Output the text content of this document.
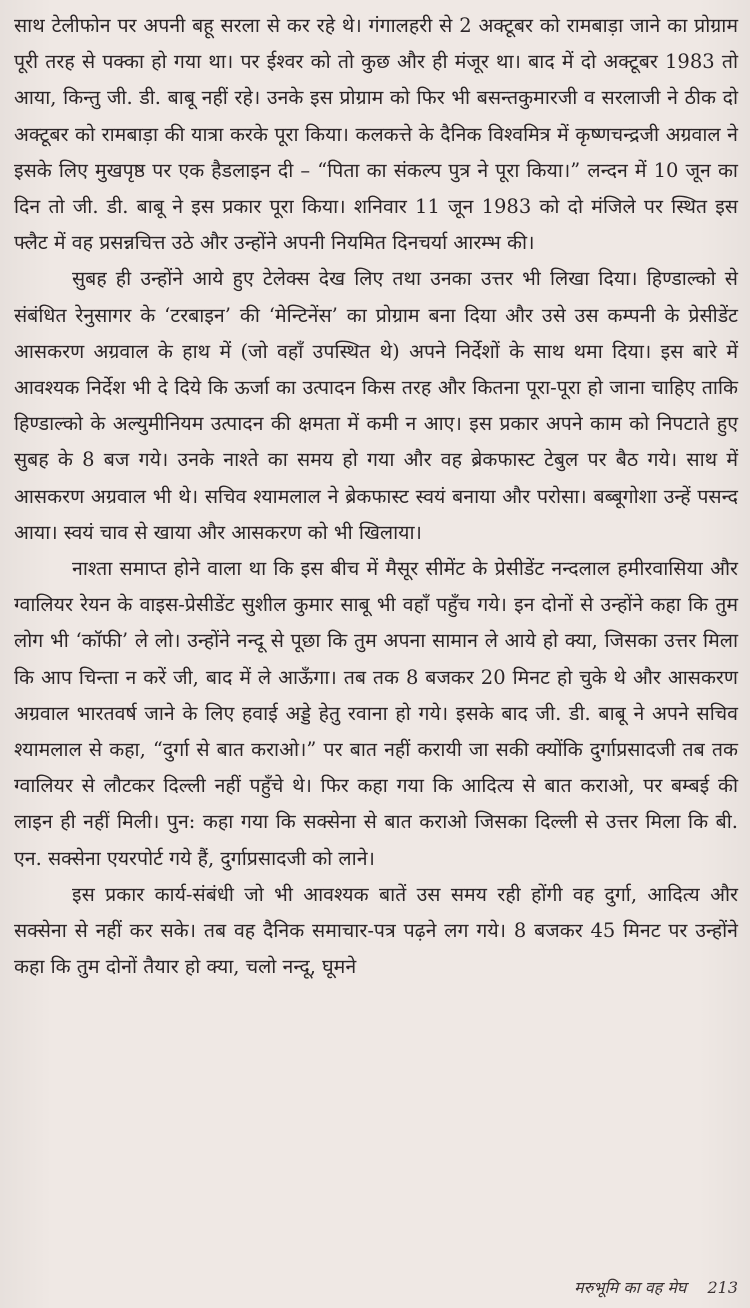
साथ टेलीफोन पर अपनी बहू सरला से कर रहे थे। गंगालहरी से 2 अक्टूबर को रामबाड़ा जाने का प्रोग्राम पूरी तरह से पक्का हो गया था। पर ईश्वर को तो कुछ और ही मंजूर था। बाद में दो अक्टूबर 1983 तो आया, किन्तु जी. डी. बाबू नहीं रहे। उनके इस प्रोग्राम को फिर भी बसन्तकुमारजी व सरलाजी ने ठीक दो अक्टूबर को रामबाड़ा की यात्रा करके पूरा किया। कलकत्ते के दैनिक विश्वमित्र में कृष्णचन्द्रजी अग्रवाल ने इसके लिए मुखपृष्ठ पर एक हैडलाइन दी – “पिता का संकल्प पुत्र ने पूरा किया।” लन्दन में 10 जून का दिन तो जी. डी. बाबू ने इस प्रकार पूरा किया। शनिवार 11 जून 1983 को दो मंजिले पर स्थित इस फ्लैट में वह प्रसन्नचित्त उठे और उन्होंने अपनी नियमित दिनचर्या आरम्भ की।

सुबह ही उन्होंने आये हुए टेलेक्स देख लिए तथा उनका उत्तर भी लिखा दिया। हिण्डाल्को से संबंधित रेनुसागर के ‘टरबाइन’ की ‘मेन्टिनेंस’ का प्रोग्राम बना दिया और उसे उस कम्पनी के प्रेसीडेंट आसकरण अग्रवाल के हाथ में (जो वहाँ उपस्थित थे) अपने निर्देशों के साथ थमा दिया। इस बारे में आवश्यक निर्देश भी दे दिये कि ऊर्जा का उत्पादन किस तरह और कितना पूरा-पूरा हो जाना चाहिए ताकि हिण्डाल्को के अल्युमीनियम उत्पादन की क्षमता में कमी न आए। इस प्रकार अपने काम को निपटाते हुए सुबह के 8 बज गये। उनके नाश्ते का समय हो गया और वह ब्रेकफास्ट टेबुल पर बैठ गये। साथ में आसकरण अग्रवाल भी थे। सचिव श्यामलाल ने ब्रेकफास्ट स्वयं बनाया और परोसा। बब्बूगोशा उन्हें पसन्द आया। स्वयं चाव से खाया और आसकरण को भी खिलाया।

नाश्ता समाप्त होने वाला था कि इस बीच में मैसूर सीमेंट के प्रेसीडेंट नन्दलाल हमीरवासिया और ग्वालियर रेयन के वाइस-प्रेसीडेंट सुशील कुमार साबू भी वहाँ पहुँच गये। इन दोनों से उन्होंने कहा कि तुम लोग भी ‘कॉफी’ ले लो। उन्होंने नन्दू से पूछा कि तुम अपना सामान ले आये हो क्या, जिसका उत्तर मिला कि आप चिन्ता न करें जी, बाद में ले आऊँगा। तब तक 8 बजकर 20 मिनट हो चुके थे और आसकरण अग्रवाल भारतवर्ष जाने के लिए हवाई अड्डे हेतु रवाना हो गये। इसके बाद जी. डी. बाबू ने अपने सचिव श्यामलाल से कहा, “दुर्गा से बात कराओ।” पर बात नहीं करायी जा सकी क्योंकि दुर्गाप्रसादजी तब तक ग्वालियर से लौटकर दिल्ली नहीं पहुँचे थे। फिर कहा गया कि आदित्य से बात कराओ, पर बम्बई की लाइन ही नहीं मिली। पुन: कहा गया कि सक्सेना से बात कराओ जिसका दिल्ली से उत्तर मिला कि बी. एन. सक्सेना एयरपोर्ट गये हैं, दुर्गाप्रसादजी को लाने।

इस प्रकार कार्य-संबंधी जो भी आवश्यक बातें उस समय रही होंगी वह दुर्गा, आदित्य और सक्सेना से नहीं कर सके। तब वह दैनिक समाचार-पत्र पढ़ने लग गये। 8 बजकर 45 मिनट पर उन्होंने कहा कि तुम दोनों तैयार हो क्या, चलो नन्दू, घूमने

मरुभूमि का वह मेघ 213
